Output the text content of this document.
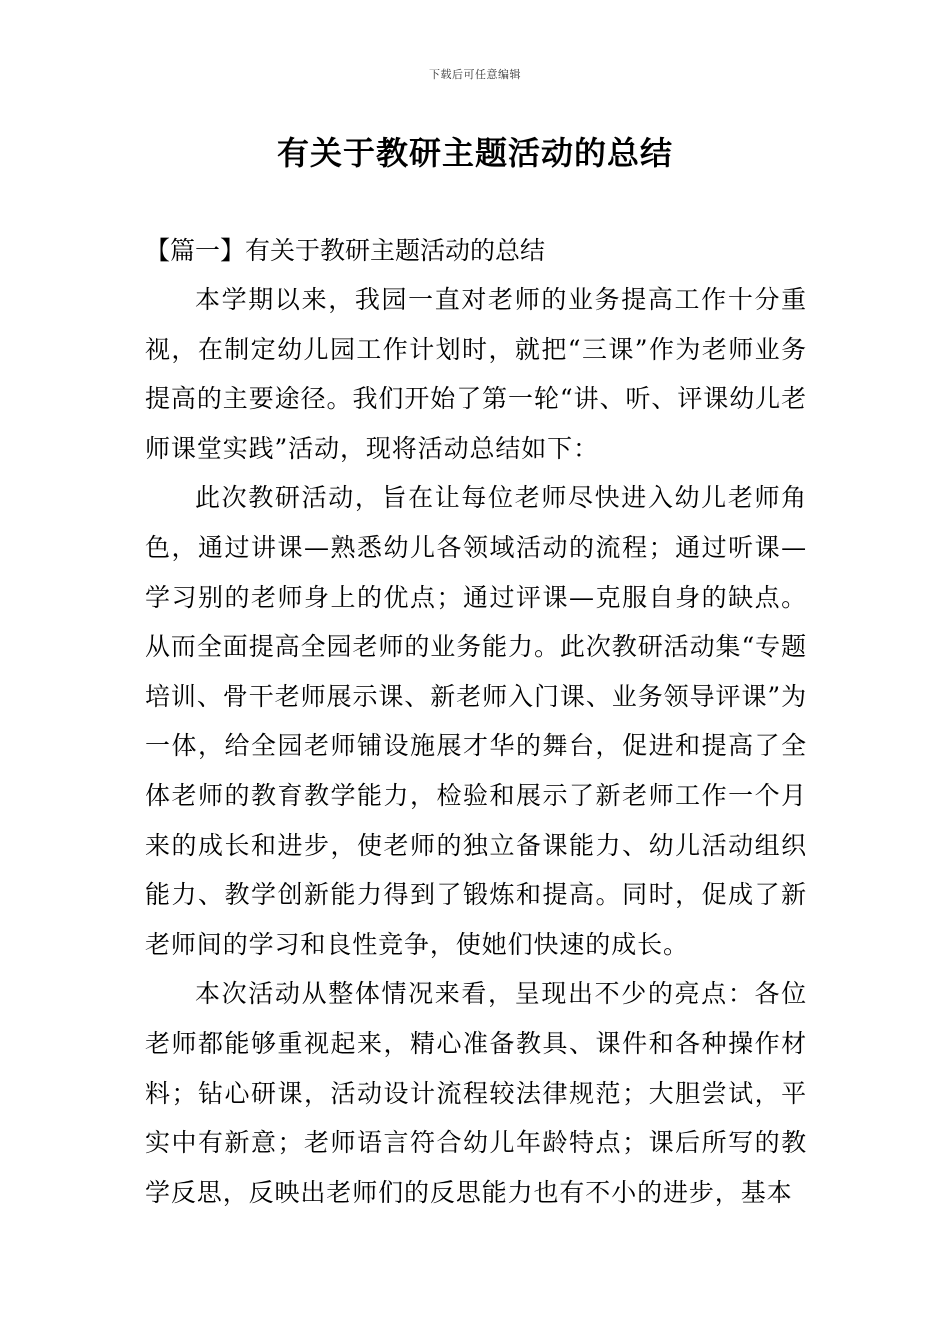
下载后可任意编辑
有关于教研主题活动的总结

【篇一】有关于教研主题活动的总结

本学期以来，我园一直对老师的业务提高工作十分重视，在制定幼儿园工作计划时，就把“三课”作为老师业务提高的主要途径。我们开始了第一轮“讲、听、评课幼儿老师课堂实践”活动，现将活动总结如下：

此次教研活动，旨在让每位老师尽快进入幼儿老师角色，通过讲课—熟悉幼儿各领域活动的流程；通过听课—学习别的老师身上的优点；通过评课—克服自身的缺点。从而全面提高全园老师的业务能力。此次教研活动集“专题培训、骨干老师展示课、新老师入门课、业务领导评课”为一体，给全园老师铺设施展才华的舞台，促进和提高了全体老师的教育教学能力，检验和展示了新老师工作一个月来的成长和进步，使老师的独立备课能力、幼儿活动组织能力、教学创新能力得到了锻炼和提高。同时，促成了新老师间的学习和良性竞争，使她们快速的成长。

本次活动从整体情况来看，呈现出不少的亮点：各位老师都能够重视起来，精心准备教具、课件和各种操作材料；钻心研课，活动设计流程较法律规范；大胆尝试，平实中有新意；老师语言符合幼儿年龄特点；课后所写的教学反思，反映出老师们的反思能力也有不小的进步，基本
